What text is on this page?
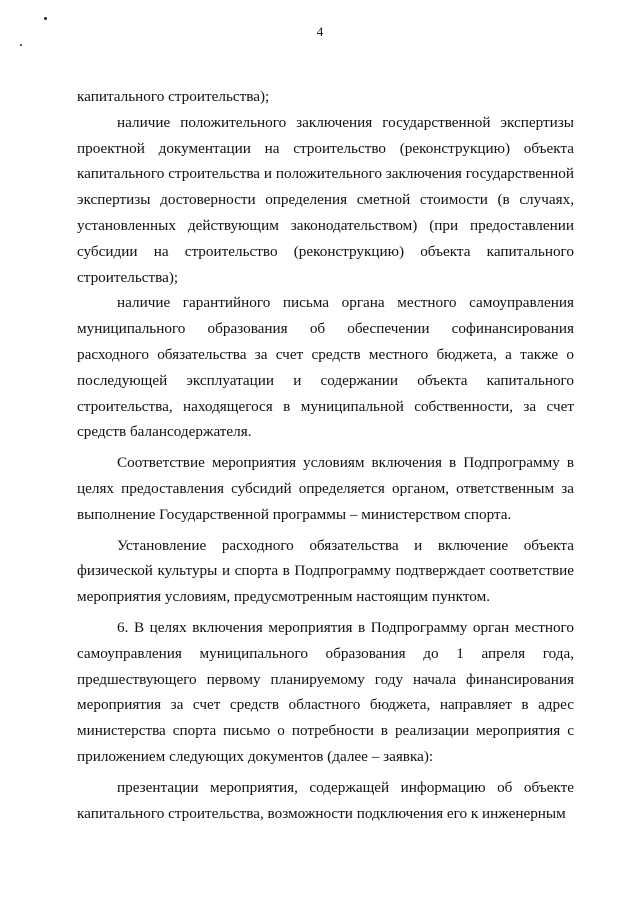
4

капитального строительства);

наличие положительного заключения государственной экспертизы проектной документации на строительство (реконструкцию) объекта капитального строительства и положительного заключения государственной экспертизы достоверности определения сметной стоимости (в случаях, установленных действующим законодательством) (при предоставлении субсидии на строительство (реконструкцию) объекта капитального строительства);

наличие гарантийного письма органа местного самоуправления муниципального образования об обеспечении софинансирования расходного обязательства за счет средств местного бюджета, а также о последующей эксплуатации и содержании объекта капитального строительства, находящегося в муниципальной собственности, за счет средств балансодержателя.

Соответствие мероприятия условиям включения в Подпрограмму в целях предоставления субсидий определяется органом, ответственным за выполнение Государственной программы – министерством спорта.

Установление расходного обязательства и включение объекта физической культуры и спорта в Подпрограмму подтверждает соответствие мероприятия условиям, предусмотренным настоящим пунктом.

6. В целях включения мероприятия в Подпрограмму орган местного самоуправления муниципального образования до 1 апреля года, предшествующего первому планируемому году начала финансирования мероприятия за счет средств областного бюджета, направляет в адрес министерства спорта письмо о потребности в реализации мероприятия с приложением следующих документов (далее – заявка):

презентации мероприятия, содержащей информацию об объекте капитального строительства, возможности подключения его к инженерным
